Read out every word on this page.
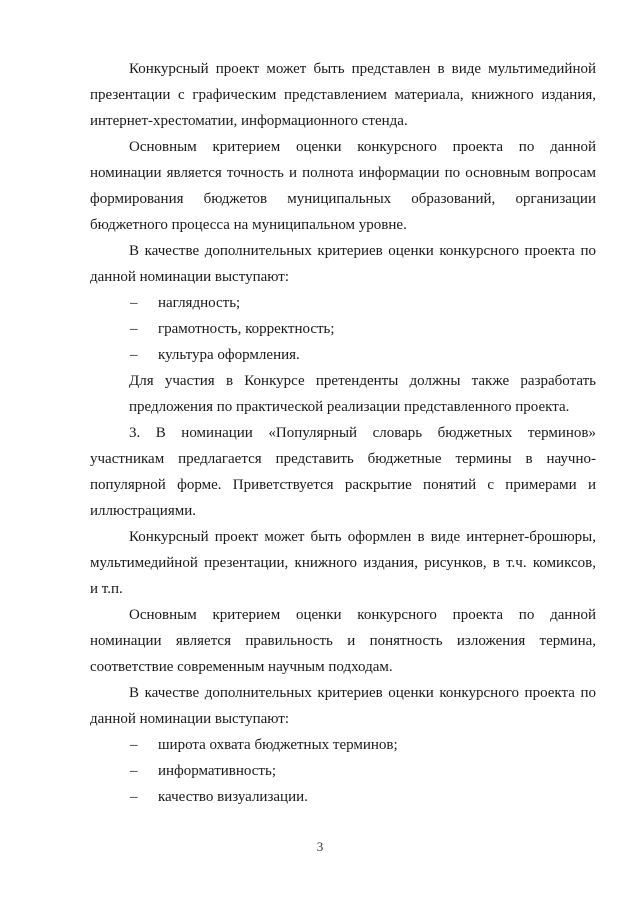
Конкурсный проект может быть представлен в виде мультимедийной
презентации с графическим представлением материала, книжного издания,
интернет-хрестоматии, информационного стенда.
Основным критерием оценки конкурсного проекта по данной
номинации является точность и полнота информации по основным вопросам
формирования бюджетов муниципальных образований, организации
бюджетного процесса на муниципальном уровне.
В качестве дополнительных критериев оценки конкурсного проекта по
данной номинации выступают:
– наглядность;
– грамотность, корректность;
– культура оформления.
Для участия в Конкурсе претенденты должны также разработать
предложения по практической реализации представленного проекта.
3. В номинации «Популярный словарь бюджетных терминов»
участникам предлагается представить бюджетные термины в научно-
популярной форме. Приветствуется раскрытие понятий с примерами и
иллюстрациями.
Конкурсный проект может быть оформлен в виде интернет-брошюры,
мультимедийной презентации, книжного издания, рисунков, в т.ч. комиксов,
и т.п.
Основным критерием оценки конкурсного проекта по данной
номинации является правильность и понятность изложения термина,
соответствие современным научным подходам.
В качестве дополнительных критериев оценки конкурсного проекта по
данной номинации выступают:
– широта охвата бюджетных терминов;
– информативность;
– качество визуализации.
3
